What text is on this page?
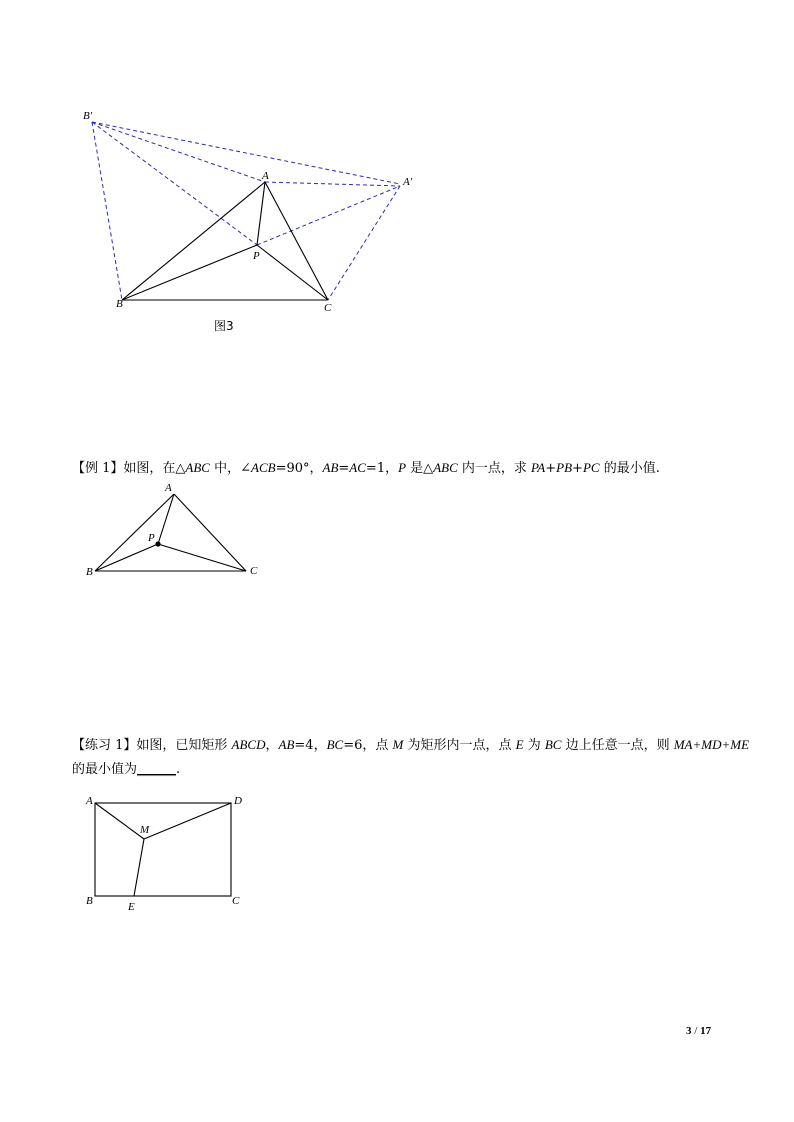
B'
A	A'
P
B	C
图3
【例 1】如图，在△ABC 中，∠ACB=90°，AB=AC=1，P 是△ABC 内一点，求 PA+PB+PC 的最小值.
A
P
B	C
【练习 1】如图，已知矩形 ABCD，AB=4，BC=6，点 M 为矩形内一点，点 E 为 BC 边上任意一点，则 MA+MD+ME
的最小值为______.
A	D
M
B	E	C
3 / 17
